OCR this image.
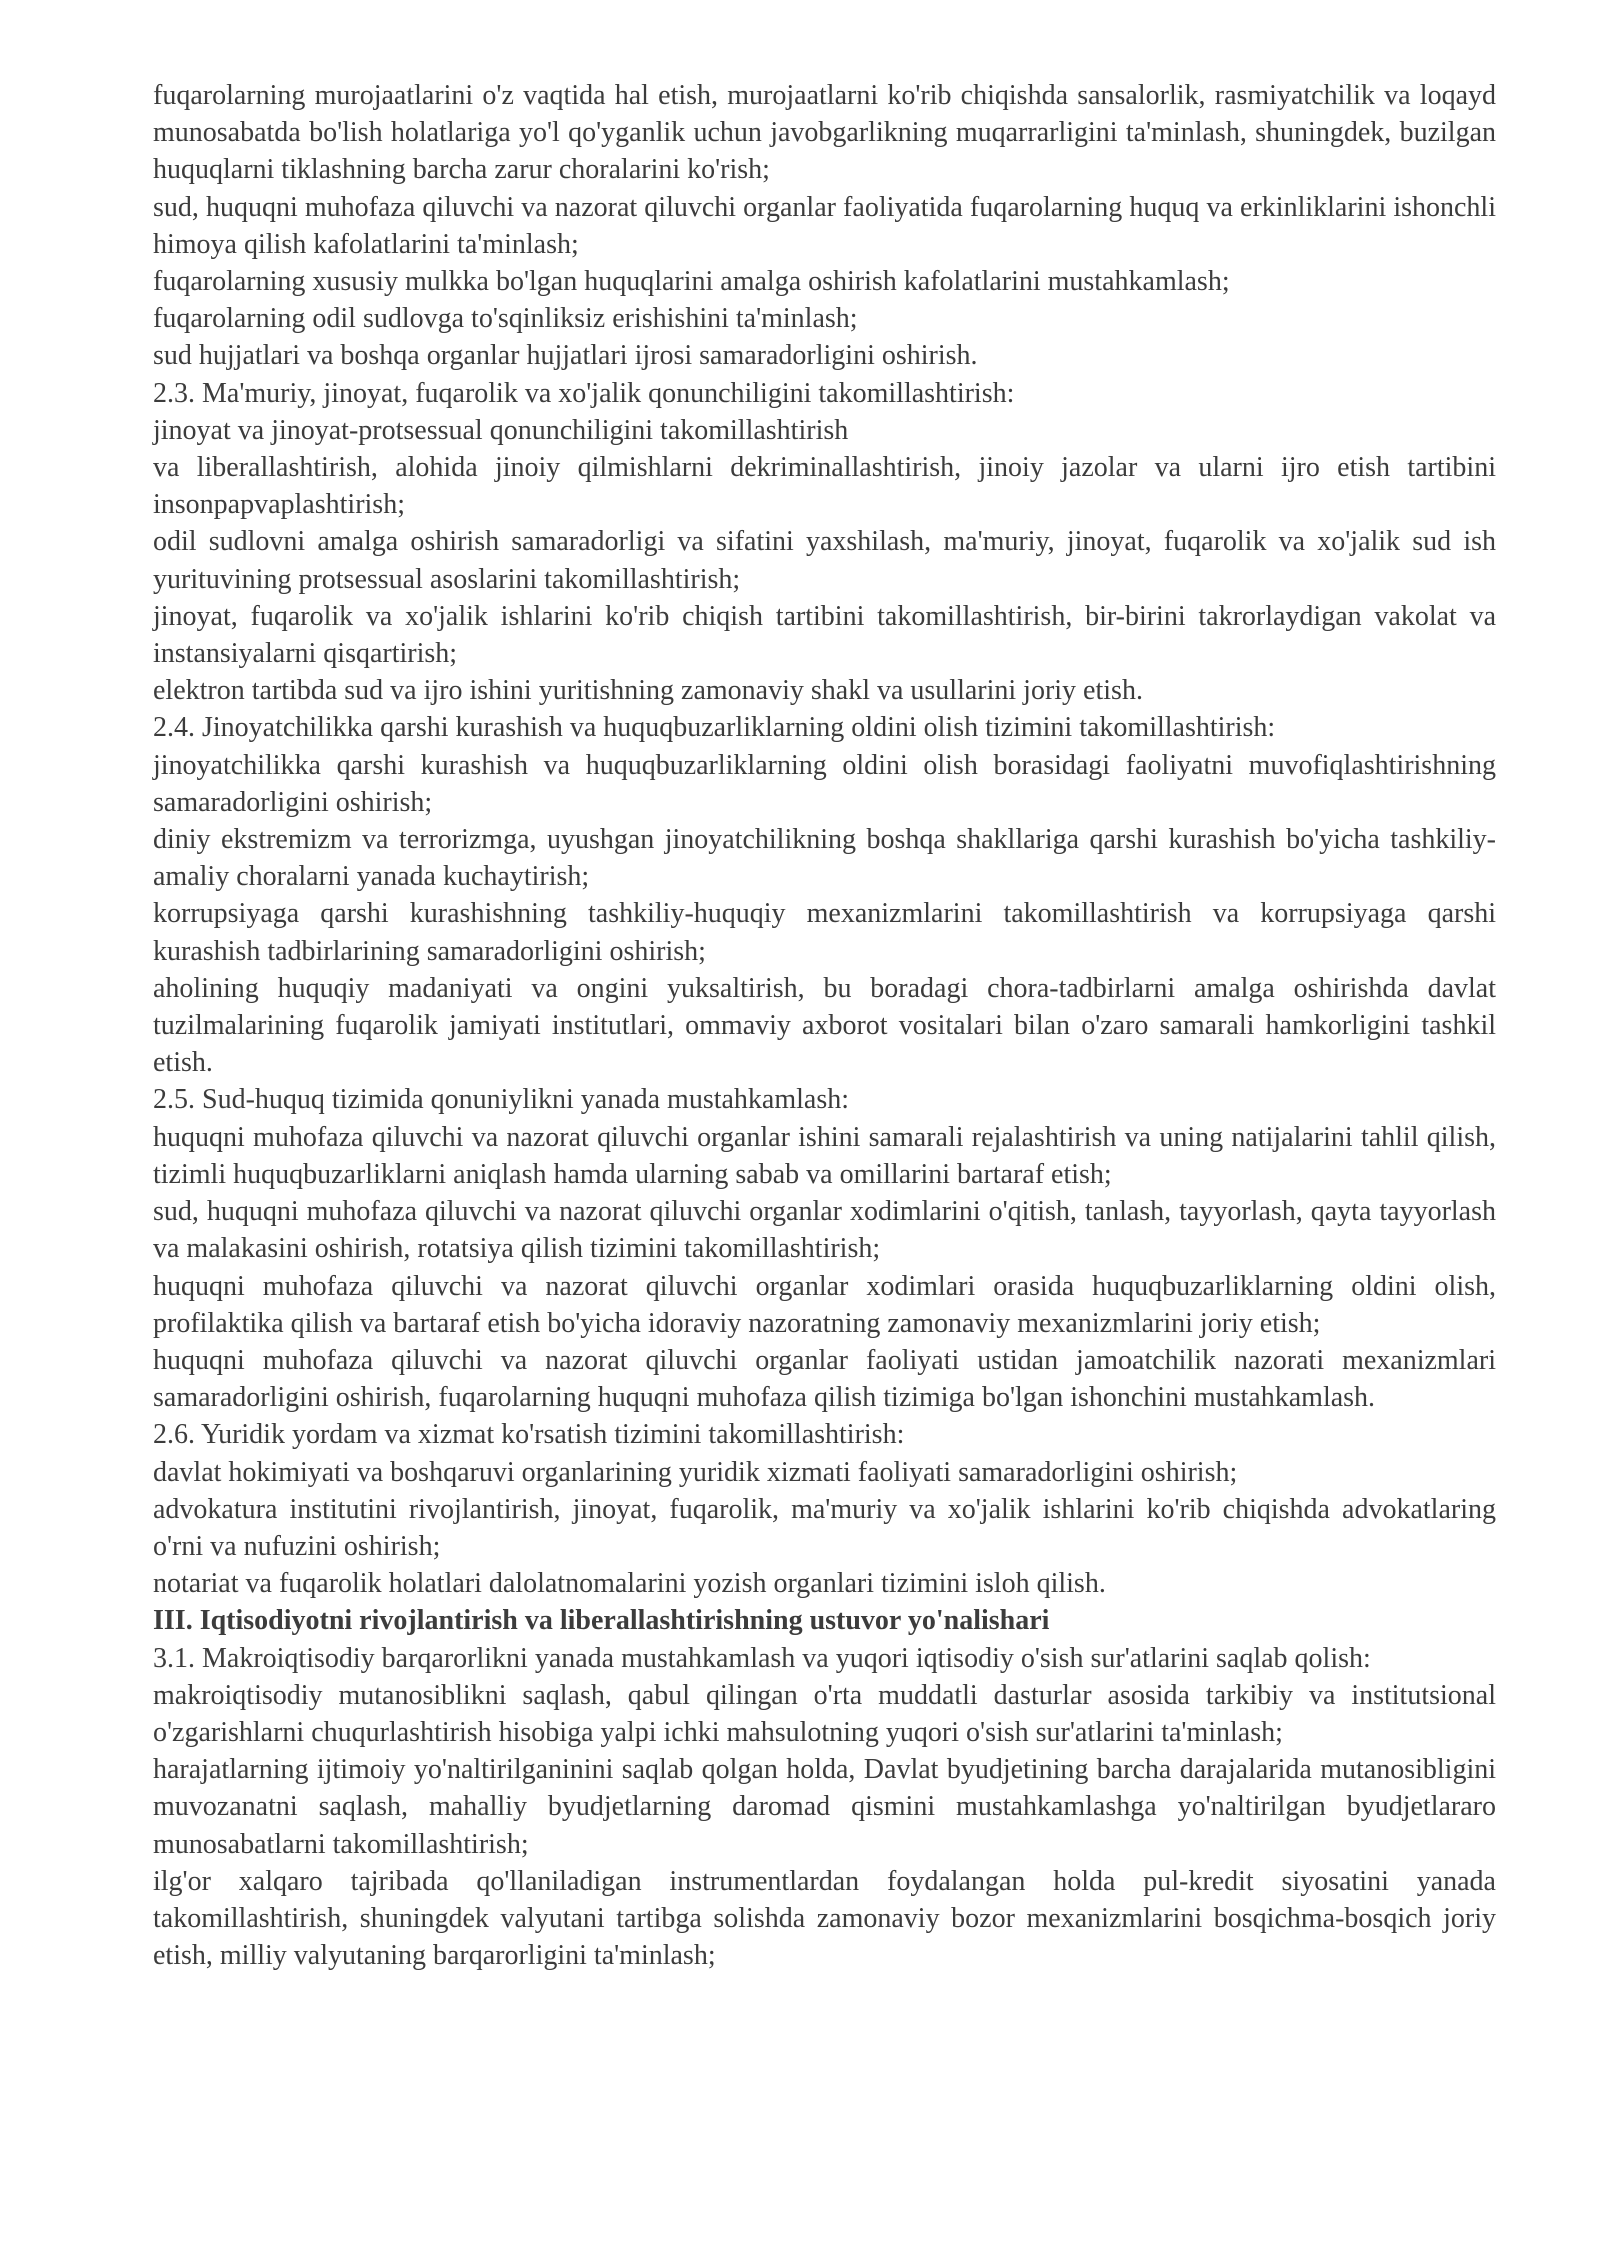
fuqarolarning murojaatlarini o'z vaqtida hal etish, murojaatlarni ko'rib chiqishda sansalorlik, rasmiyatchilik va loqayd munosabatda bo'lish holatlariga yo'l qo'yganlik uchun javobgarlikning muqarrarligini ta'minlash, shuningdek, buzilgan huquqlarni tiklashning barcha zarur choralarini ko'rish;

sud, huquqni muhofaza qiluvchi va nazorat qiluvchi organlar faoliyatida fuqarolarning huquq va erkinliklarini ishonchli himoya qilish kafolatlarini ta'minlash;

fuqarolarning xususiy mulkka bo'lgan huquqlarini amalga oshirish kafolatlarini mustahkamlash;

fuqarolarning odil sudlovga to'sqinliksiz erishishini ta'minlash;

sud hujjatlari va boshqa organlar hujjatlari ijrosi samaradorligini oshirish.

2.3. Ma'muriy, jinoyat, fuqarolik va xo'jalik qonunchiligini takomillashtirish:

jinoyat va jinoyat-protsessual qonunchiligini takomillashtirish

va liberallashtirish, alohida jinoiy qilmishlarni dekriminallashtirish, jinoiy jazolar va ularni ijro etish tartibini insonpapvaplashtirish;

odil sudlovni amalga oshirish samaradorligi va sifatini yaxshilash, ma'muriy, jinoyat, fuqarolik va xo'jalik sud ish yurituvining protsessual asoslarini takomillashtirish;

jinoyat, fuqarolik va xo'jalik ishlarini ko'rib chiqish tartibini takomillashtirish, bir-birini takrorlaydigan vakolat va instansiyalarni qisqartirish;

elektron tartibda sud va ijro ishini yuritishning zamonaviy shakl va usullarini joriy etish.

2.4. Jinoyatchilikka qarshi kurashish va huquqbuzarliklarning oldini olish tizimini takomillashtirish:

jinoyatchilikka qarshi kurashish va huquqbuzarliklarning oldini olish borasidagi faoliyatni muvofiqlashtirishning samaradorligini oshirish;

diniy ekstremizm va terrorizmga, uyushgan jinoyatchilikning boshqa shakllariga qarshi kurashish bo'yicha tashkiliy-amaliy choralarni yanada kuchaytirish;

korrupsiyaga qarshi kurashishning tashkiliy-huquqiy mexanizmlarini takomillashtirish va korrupsiyaga qarshi kurashish tadbirlarining samaradorligini oshirish;

aholining huquqiy madaniyati va ongini yuksaltirish, bu boradagi chora-tadbirlarni amalga oshirishda davlat tuzilmalarining fuqarolik jamiyati institutlari, ommaviy axborot vositalari bilan o'zaro samarali hamkorligini tashkil etish.

2.5. Sud-huquq tizimida qonuniylikni yanada mustahkamlash:

huquqni muhofaza qiluvchi va nazorat qiluvchi organlar ishini samarali rejalashtirish va uning natijalarini tahlil qilish, tizimli huquqbuzarliklarni aniqlash hamda ularning sabab va omillarini bartaraf etish;

sud, huquqni muhofaza qiluvchi va nazorat qiluvchi organlar xodimlarini o'qitish, tanlash, tayyorlash, qayta tayyorlash va malakasini oshirish, rotatsiya qilish tizimini takomillashtirish;

huquqni muhofaza qiluvchi va nazorat qiluvchi organlar xodimlari orasida huquqbuzarliklarning oldini olish, profilaktika qilish va bartaraf etish bo'yicha idoraviy nazoratning zamonaviy mexanizmlarini joriy etish;

huquqni muhofaza qiluvchi va nazorat qiluvchi organlar faoliyati ustidan jamoatchilik nazorati mexanizmlari samaradorligini oshirish, fuqarolarning huquqni muhofaza qilish tizimiga bo'lgan ishonchini mustahkamlash.

2.6. Yuridik yordam va xizmat ko'rsatish tizimini takomillashtirish:

davlat hokimiyati va boshqaruvi organlarining yuridik xizmati faoliyati samaradorligini oshirish;

advokatura institutini rivojlantirish, jinoyat, fuqarolik, ma'muriy va xo'jalik ishlarini ko'rib chiqishda advokatlaring o'rni va nufuzini oshirish;

notariat va fuqarolik holatlari dalolatnomalarini yozish organlari tizimini isloh qilish.

III. Iqtisodiyotni rivojlantirish va liberallashtirishning ustuvor yo'nalishari

3.1. Makroiqtisodiy barqarorlikni yanada mustahkamlash va yuqori iqtisodiy o'sish sur'atlarini saqlab qolish:

makroiqtisodiy mutanosiblikni saqlash, qabul qilingan o'rta muddatli dasturlar asosida tarkibiy va institutsional o'zgarishlarni chuqurlashtirish hisobiga yalpi ichki mahsulotning yuqori o'sish sur'atlarini ta'minlash;

harajatlarning ijtimoiy yo'naltirilganinini saqlab qolgan holda, Davlat byudjetining barcha darajalarida mutanosibligini muvozanatni saqlash, mahalliy byudjetlarning daromad qismini mustahkamlashga yo'naltirilgan byudjetlararo munosabatlarni takomillashtirish;

ilg'or xalqaro tajribada qo'llaniladigan instrumentlardan foydalangan holda pul-kredit siyosatini yanada takomillashtirish, shuningdek valyutani tartibga solishda zamonaviy bozor mexanizmlarini bosqichma-bosqich joriy etish, milliy valyutaning barqarorligini ta'minlash;
